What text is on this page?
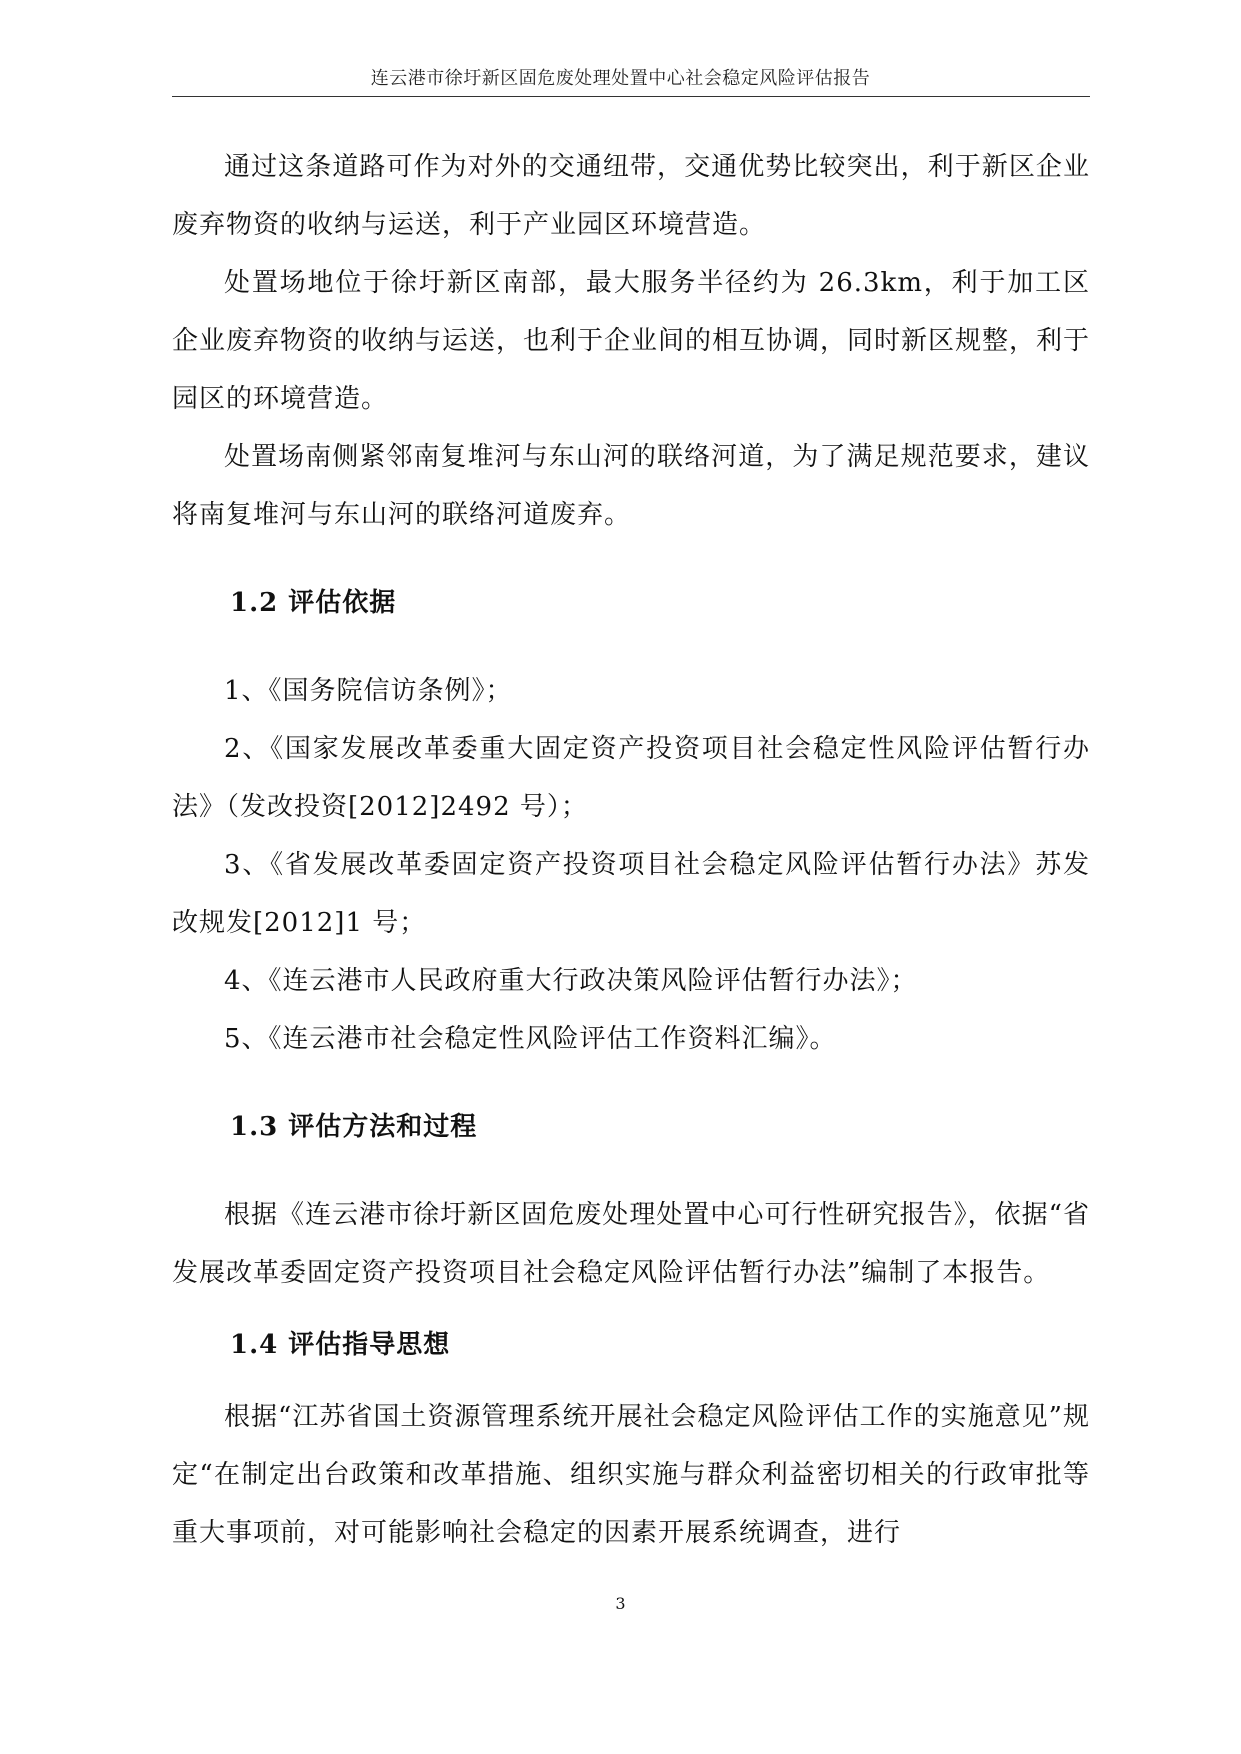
连云港市徐圩新区固危废处理处置中心社会稳定风险评估报告

通过这条道路可作为对外的交通纽带，交通优势比较突出，利于新区企业废弃物资的收纳与运送，利于产业园区环境营造。

处置场地位于徐圩新区南部，最大服务半径约为 26.3km，利于加工区企业废弃物资的收纳与运送，也利于企业间的相互协调，同时新区规整，利于园区的环境营造。

处置场南侧紧邻南复堆河与东山河的联络河道，为了满足规范要求，建议将南复堆河与东山河的联络河道废弃。

1.2 评估依据

1、《国务院信访条例》；

2、《国家发展改革委重大固定资产投资项目社会稳定性风险评估暂行办法》（发改投资[2012]2492 号）；

3、《省发展改革委固定资产投资项目社会稳定风险评估暂行办法》苏发改规发[2012]1 号；

4、《连云港市人民政府重大行政决策风险评估暂行办法》；

5、《连云港市社会稳定性风险评估工作资料汇编》。

1.3 评估方法和过程

根据《连云港市徐圩新区固危废处理处置中心可行性研究报告》，依据“省发展改革委固定资产投资项目社会稳定风险评估暂行办法”编制了本报告。

1.4 评估指导思想

根据“江苏省国土资源管理系统开展社会稳定风险评估工作的实施意见”规定“在制定出台政策和改革措施、组织实施与群众利益密切相关的行政审批等重大事项前，对可能影响社会稳定的因素开展系统调查，进行

3
